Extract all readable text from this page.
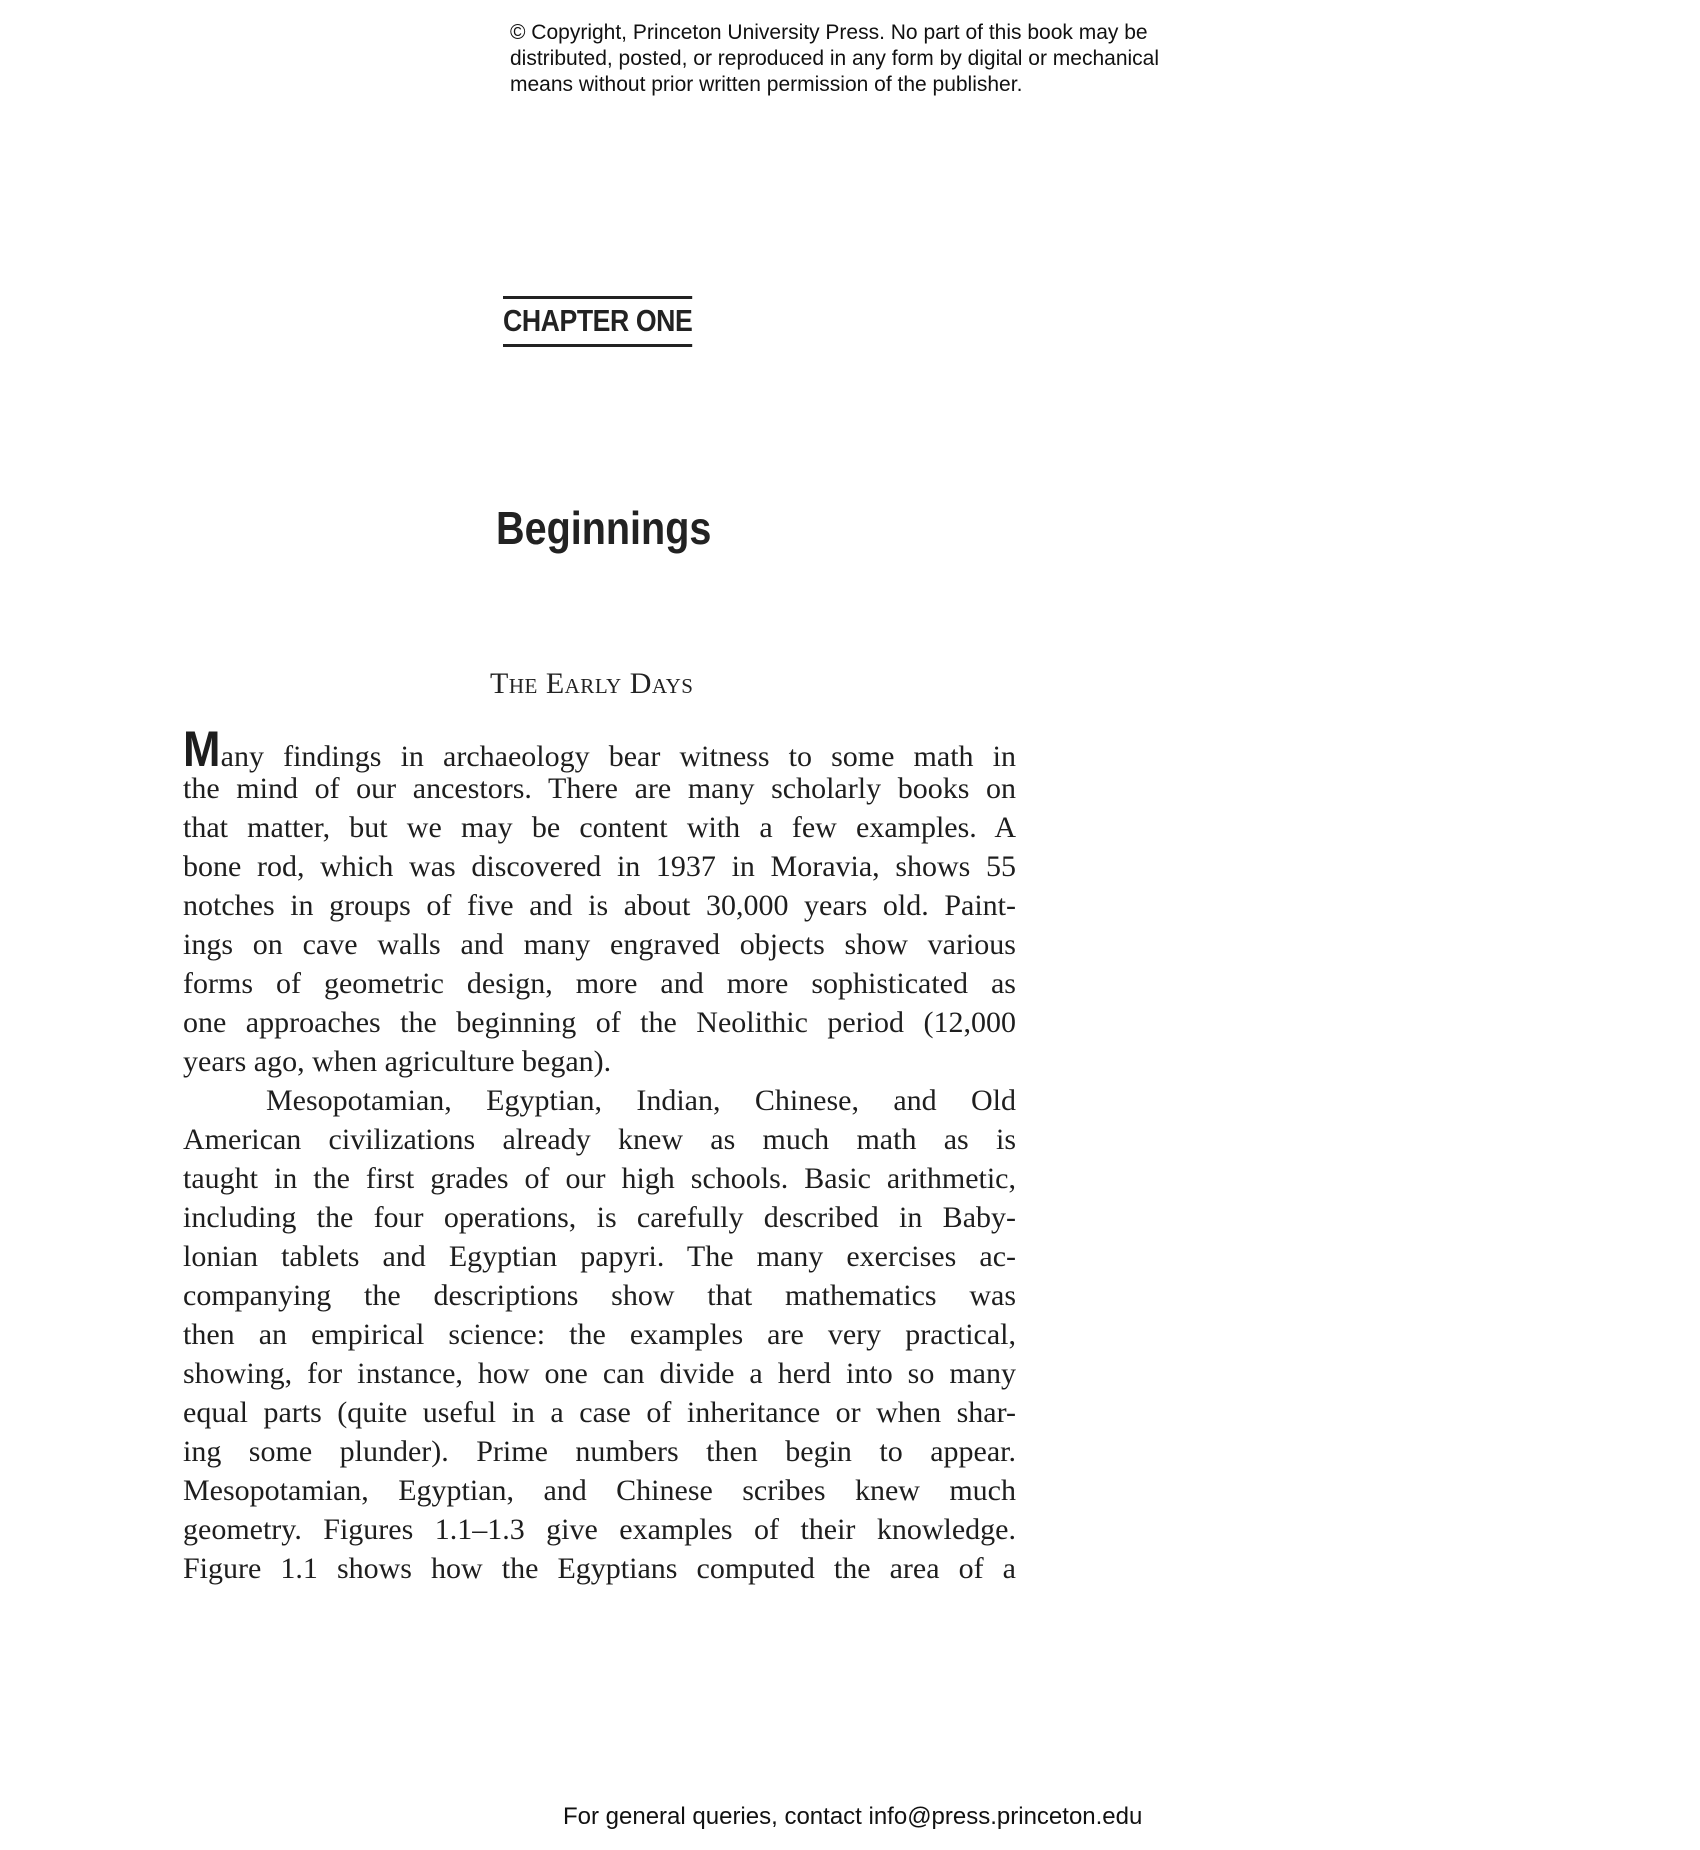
© Copyright, Princeton University Press. No part of this book may be
distributed, posted, or reproduced in any form by digital or mechanical
means without prior written permission of the publisher.
CHAPTER ONE
Beginnings
The Early Days
Many findings in archaeology bear witness to some math in
the mind of our ancestors. There are many scholarly books on
that matter, but we may be content with a few examples. A
bone rod, which was discovered in 1937 in Moravia, shows 55
notches in groups of five and is about 30,000 years old. Paint-
ings on cave walls and many engraved objects show various
forms of geometric design, more and more sophisticated as
one approaches the beginning of the Neolithic period (12,000
years ago, when agriculture began).
Mesopotamian, Egyptian, Indian, Chinese, and Old
American civilizations already knew as much math as is
taught in the first grades of our high schools. Basic arithmetic,
including the four operations, is carefully described in Baby-
lonian tablets and Egyptian papyri. The many exercises ac-
companying the descriptions show that mathematics was
then an empirical science: the examples are very practical,
showing, for instance, how one can divide a herd into so many
equal parts (quite useful in a case of inheritance or when shar-
ing some plunder). Prime numbers then begin to appear.
Mesopotamian, Egyptian, and Chinese scribes knew much
geometry. Figures 1.1–1.3 give examples of their knowledge.
Figure 1.1 shows how the Egyptians computed the area of a
For general queries, contact info@press.princeton.edu
